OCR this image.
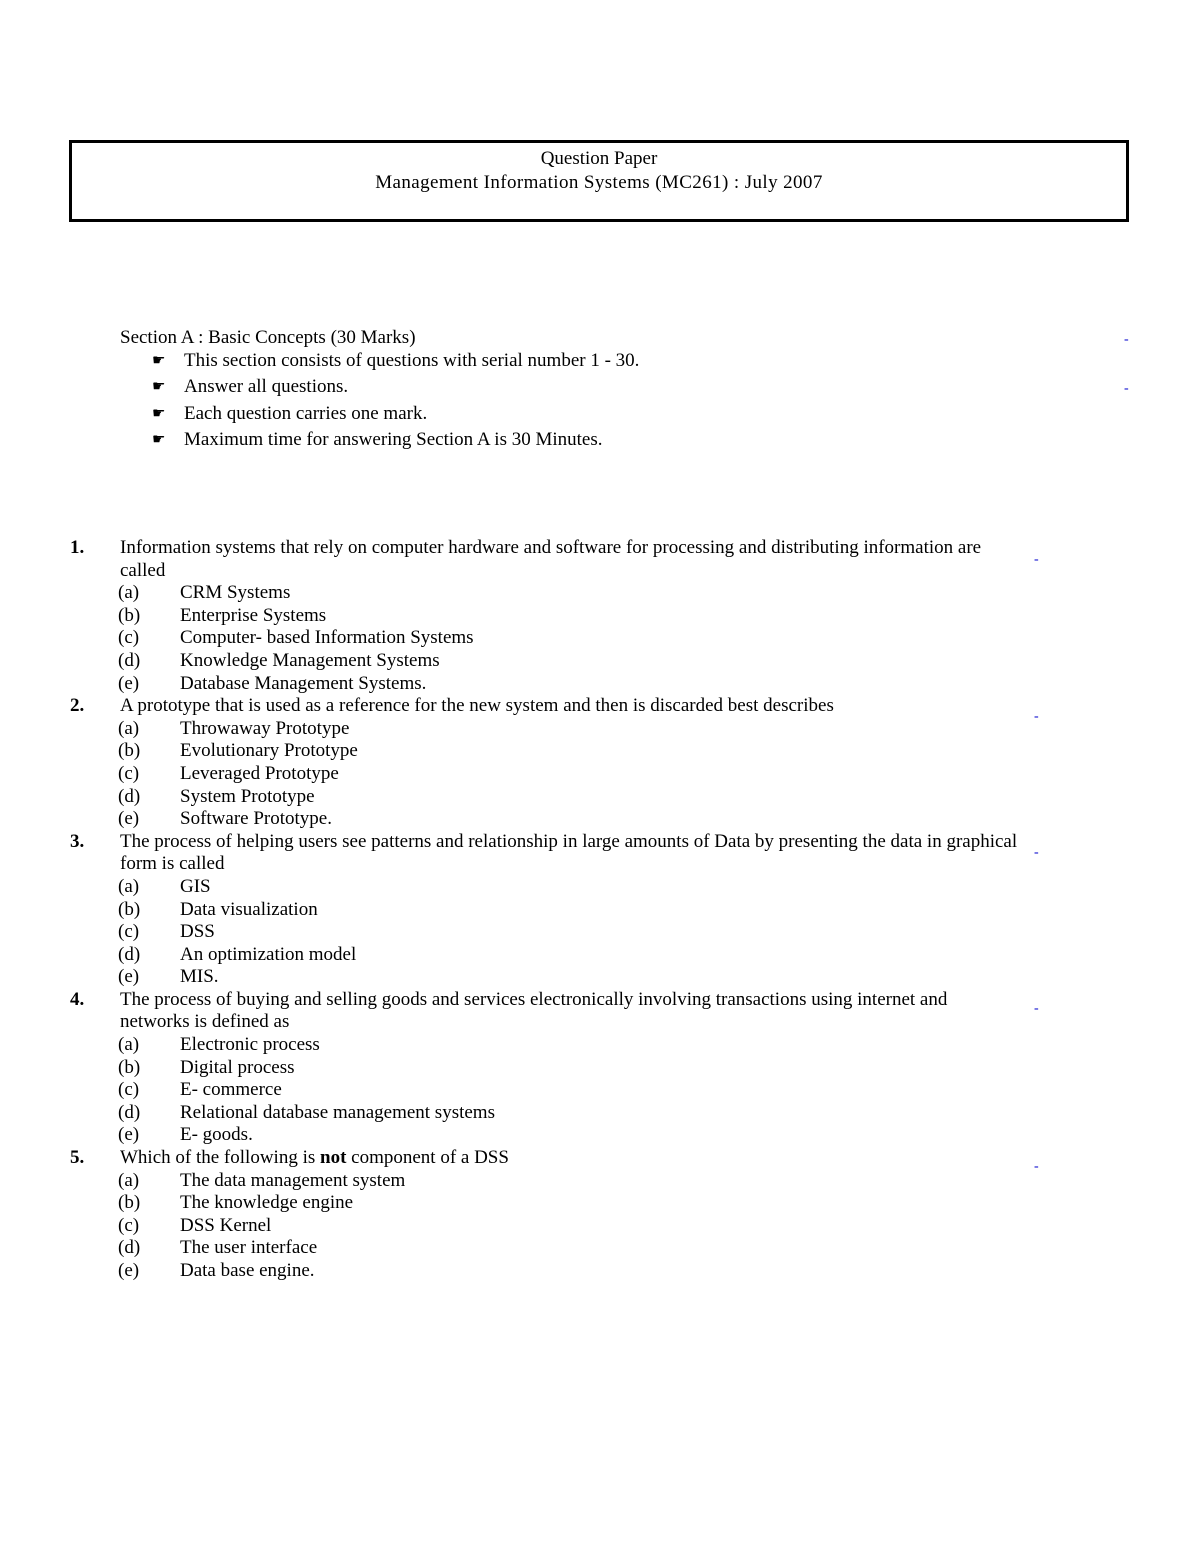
Question Paper
Management Information Systems (MC261) : July 2007
Section A : Basic Concepts (30 Marks)	-
-
☛ This section consists of questions with serial number 1 - 30.
☛ Answer all questions.
☛ Each question carries one mark.
☛ Maximum time for answering Section A is 30 Minutes.
-
-
-
-
-
1. Information systems that rely on computer hardware and software for processing and distributing information are called
(a)	CRM Systems
(b)	Enterprise Systems
(c)	Computer- based Information Systems
(d)	Knowledge Management Systems
(e)	Database Management Systems.
2. A prototype that is used as a reference for the new system and then is discarded best describes
(a)	Throwaway Prototype
(b)	Evolutionary Prototype
(c)	Leveraged Prototype
(d)	System Prototype
(e)	Software Prototype.
3. The process of helping users see patterns and relationship in large amounts of Data by presenting the data in graphical form is called
(a)	GIS
(b)	Data visualization
(c)	DSS
(d)	An optimization model
(e)	MIS.
4. The process of buying and selling goods and services electronically involving transactions using internet and networks is defined as
(a)	Electronic process
(b)	Digital process
(c)	E- commerce
(d)	Relational database management systems
(e)	E- goods.
5. Which of the following is not component of a DSS
(a)	The data management system
(b)	The knowledge engine
(c)	DSS Kernel
(d)	The user interface
(e)	Data base engine.
